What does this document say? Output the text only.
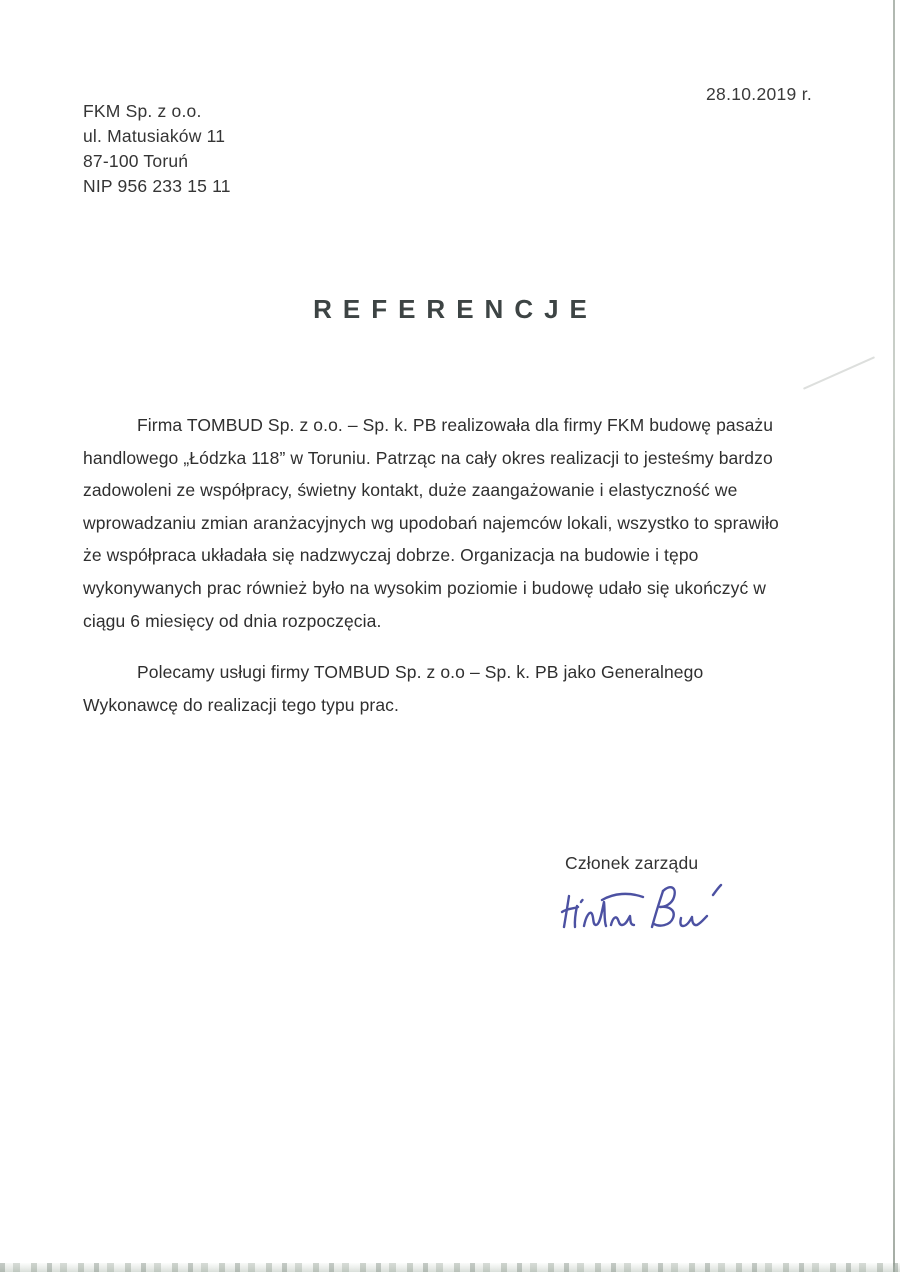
28.10.2019 r.
FKM Sp. z o.o.
ul. Matusiaków 11
87-100 Toruń
NIP 956 233 15 11
REFERENCJE
Firma TOMBUD Sp. z o.o. – Sp. k. PB realizowała dla firmy FKM budowę pasażu
handlowego „Łódzka 118” w Toruniu. Patrząc na cały okres realizacji to jesteśmy bardzo
zadowoleni ze współpracy, świetny kontakt, duże zaangażowanie i elastyczność we
wprowadzaniu zmian aranżacyjnych wg upodobań najemców lokali, wszystko to sprawiło
że współpraca układała się nadzwyczaj dobrze. Organizacja na budowie i tępo
wykonywanych prac również było na wysokim poziomie i budowę udało się ukończyć w
ciągu 6 miesięcy od dnia rozpoczęcia.
Polecamy usługi firmy TOMBUD Sp. z o.o – Sp. k. PB jako Generalnego
Wykonawcę do realizacji tego typu prac.
Członek zarządu
